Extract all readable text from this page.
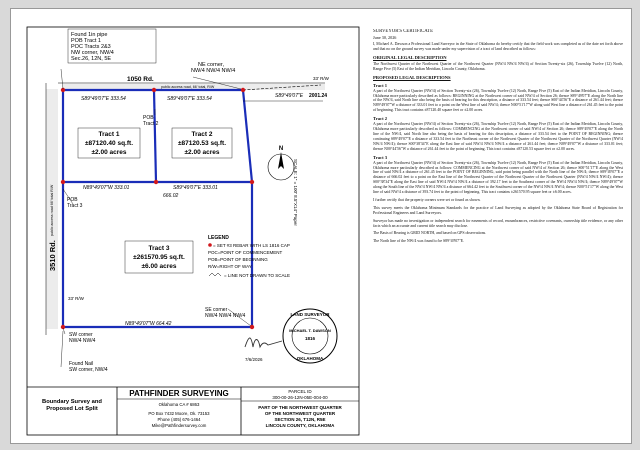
Found 1in pipe
POB Tract 1
POC Tracts 2&3
NW corner, NW/4
Sec.26, 12N, 5E
NE corner,
NW/4 NW/4 NW/4
1050 Rd.
public access road, 66' total, R/W
33' R/W
3510 Rd.
public access road 66' total R/W
33' R/W
S89°49'07"E 333.54	S89°49'07"E 333.54	S89°49'07"E 2001.24
N89°49'07"W 333.01	S89°49'07"E 333.01
666.02
N89°49'07"W 664.42
POB
Tract 2
POB
Tract 3
Tract 1
±87120.40 sq.ft.
±2.00 acres
Tract 2
±87120.53 sq.ft.
±2.00 acres
Tract 3
±261570.95 sq.ft.
±6.00 acres
SW corner
NW/4 NW/4
SE corner
NW/4 NW/4 NW/4
Found Nail
SW corner, NW/4
N
SCALE: 1" = 100' 8.5"X14" Paper
LEGEND
= SET #3 REBAR WITH LS 1816 CAP
POC=POINT OF COMMENCEMENT
POB=POINT OF BEGINNING
R/W=RIGHT OF WAY
= LINE NOT DRAWN TO SCALE
7/6/2026
LAND SURVEYOR
MICHAEL T. DAWSON
1816
OKLAHOMA
Boundary Survey and
Proposed Lot Split
PATHFINDER SURVEYING
Oklahoma CA # 6863
PO Box 7432 Moore, Ok. 73153
Phone (405) 676-1464
Mike@Pathfindersurvey.com
PARCEL ID
300-00-26-12N-05E-004-00
PART OF THE NORTHWEST QUARTER
OF THE NORTHWEST QUARTER
SECTION 26, T12N, R5E
LINCOLN COUNTY, OKLAHOMA
SURVEYOR'S CERTIFICATE
June 30, 2026

I, Michael A. Dawson a Professional Land Surveyor in the State of Oklahoma do hereby certify that the field work was completed as of the date set forth above and that no on the ground survey was made under my supervision of a tract of land described as follows:

ORIGINAL LEGAL DESCRIPTION

The Northwest Quarter of the Northwest Quarter of the Northwest Quarter (NW/4 NW/4 NW/4) of Section Twenty-six (26), Township Twelve (12) North, Range Five (5) East of the Indian Meridian, Lincoln County, Oklahoma.

PROPOSED LEGAL DESCRIPTIONS
Tract 1

A part of the Northwest Quarter (NW/4) of Section Twenty-six (26), Township Twelve (12) North, Range Five (5) East of the Indian Meridian, Lincoln County, Oklahoma more particularly described as follows: BEGINNING at the Northwest corner of said NW/4 of Section 26; thence S89°49'07"E along the North line of the NW/4, said North line also being the basis of bearing for this description, a distance of 333.54 feet; thence S00°44'56"E a distance of 261.44 feet; thence N89°49'07"W a distance of 333.01 feet to a point on the West line of said NW/4; thence N00°51'17"W along said West line a distance of 261.45 feet to the point of beginning. This tract contains ±87120.40 square feet or ±2.00 acres.

Tract 2

A part of the Northwest Quarter (NW/4) of Section Twenty-six (26), Township Twelve (12) North, Range Five (5) East of the Indian Meridian, Lincoln County, Oklahoma more particularly described as follows: COMMENCING at the Northwest corner of said NW/4 of Section 26; thence S89°49'07"E along the North line of the NW/4, said North line also being the basis of bearing for this description, a distance of 333.54 feet to the POINT OF BEGINNING; thence continuing S89°49'07"E a distance of 333.54 feet to the Northeast corner of the Northwest Quarter of the Northwest Quarter of the Northwest Quarter (NW/4 NW/4 NW/4); thence S00°38'34"E along the East line of said NW/4 NW/4 NW/4 a distance of 261.44 feet; thence N89°49'07"W a distance of 333.01 feet; thence N00°44'56"W a distance of 261.44 feet to the point of beginning. This tract contains ±87120.53 square feet or ±2.00 acres.

Tract 3

A part of the Northwest Quarter (NW/4) of Section Twenty-six (26), Township Twelve (12) North, Range Five (5) East of the Indian Meridian, Lincoln County, Oklahoma more particularly described as follows: COMMENCING at the Northwest corner of said NW/4 of Section 26; thence S00°51'17"E along the West line of said NW/4 a distance of 261.45 feet to the POINT OF BEGINNING, said point being parallel with the North line of the NW/4; thence S89°49'07"E a distance of 666.02 feet to a point on the East line of the Northwest Quarter of the Northwest Quarter of the Northwest Quarter (NW/4 NW/4 NW/4); thence S00°38'34"E along the East line of said NW/4 NW/4 NW/4 a distance of 392.17 feet to the Southeast corner of the NW/4 NW/4 NW/4; thence N89°49'07"W along the South line of the NW/4 NW/4 NW/4 a distance of 664.42 feet to the Southwest corner of the NW/4 NW/4 NW/4; thence N00°51'17"W along the West line of said NW/4 a distance of 393.74 feet to the point of beginning. This tract contains ±261570.95 square feet or ±6.00 acres.

I further certify that the property corners were set or found as shown.

This survey meets the Oklahoma Minimum Standards for the practice of Land Surveying as adopted by the Oklahoma State Board of Registration for Professional Engineers and Land Surveyors.

Surveyor has made no investigation or independent search for easements of record, encumbrances, restrictive covenants, ownership title evidence, or any other facts which an accurate and current title search may disclose.

The Basis of Bearing is GRID NORTH, and based on GPS observations.

The North line of the NW/4 was found to be S89°49'07"E.
